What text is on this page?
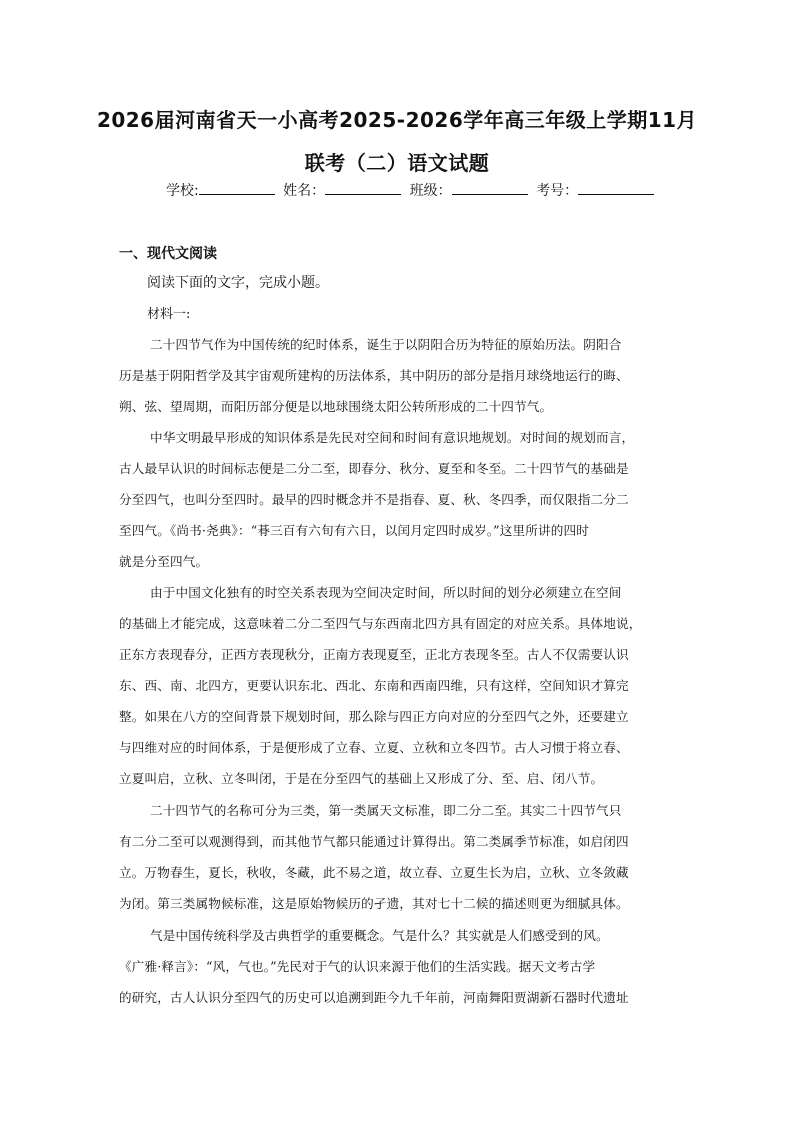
2026届河南省天一小高考2025-2026学年高三年级上学期11月
联考（二）语文试题
学校:	姓名：	班级：	考号：
一、现代文阅读
阅读下面的文字，完成小题。
材料一:
二十四节气作为中国传统的纪时体系，诞生于以阴阳合历为特征的原始历法。阴阳合
历是基于阴阳哲学及其宇宙观所建构的历法体系，其中阴历的部分是指月球绕地运行的晦、
朔、弦、望周期，而阳历部分便是以地球围绕太阳公转所形成的二十四节气。
中华文明最早形成的知识体系是先民对空间和时间有意识地规划。对时间的规划而言，
古人最早认识的时间标志便是二分二至，即春分、秋分、夏至和冬至。二十四节气的基础是
分至四气，也叫分至四时。最早的四时概念并不是指春、夏、秋、冬四季，而仅限指二分二
至四气。《尚书·尧典》：“朞三百有六旬有六日，以闰月定四时成岁。”这里所讲的四时
就是分至四气。
由于中国文化独有的时空关系表现为空间决定时间，所以时间的划分必须建立在空间
的基础上才能完成，这意味着二分二至四气与东西南北四方具有固定的对应关系。具体地说，
正东方表现春分，正西方表现秋分，正南方表现夏至，正北方表现冬至。古人不仅需要认识
东、西、南、北四方，更要认识东北、西北、东南和西南四维，只有这样，空间知识才算完
整。如果在八方的空间背景下规划时间，那么除与四正方向对应的分至四气之外，还要建立
与四维对应的时间体系，于是便形成了立春、立夏、立秋和立冬四节。古人习惯于将立春、
立夏叫启，立秋、立冬叫闭，于是在分至四气的基础上又形成了分、至、启、闭八节。
二十四节气的名称可分为三类，第一类属天文标准，即二分二至。其实二十四节气只
有二分二至可以观测得到，而其他节气都只能通过计算得出。第二类属季节标准，如启闭四
立。万物春生，夏长，秋收，冬藏，此不易之道，故立春、立夏生长为启，立秋、立冬敛藏
为闭。第三类属物候标准，这是原始物候历的孑遗，其对七十二候的描述则更为细腻具体。
气是中国传统科学及古典哲学的重要概念。气是什么？其实就是人们感受到的风。
《广雅·释言》：“风，气也。”先民对于气的认识来源于他们的生活实践。据天文考古学
的研究，古人认识分至四气的历史可以追溯到距今九千年前，河南舞阳贾湖新石器时代遗址
